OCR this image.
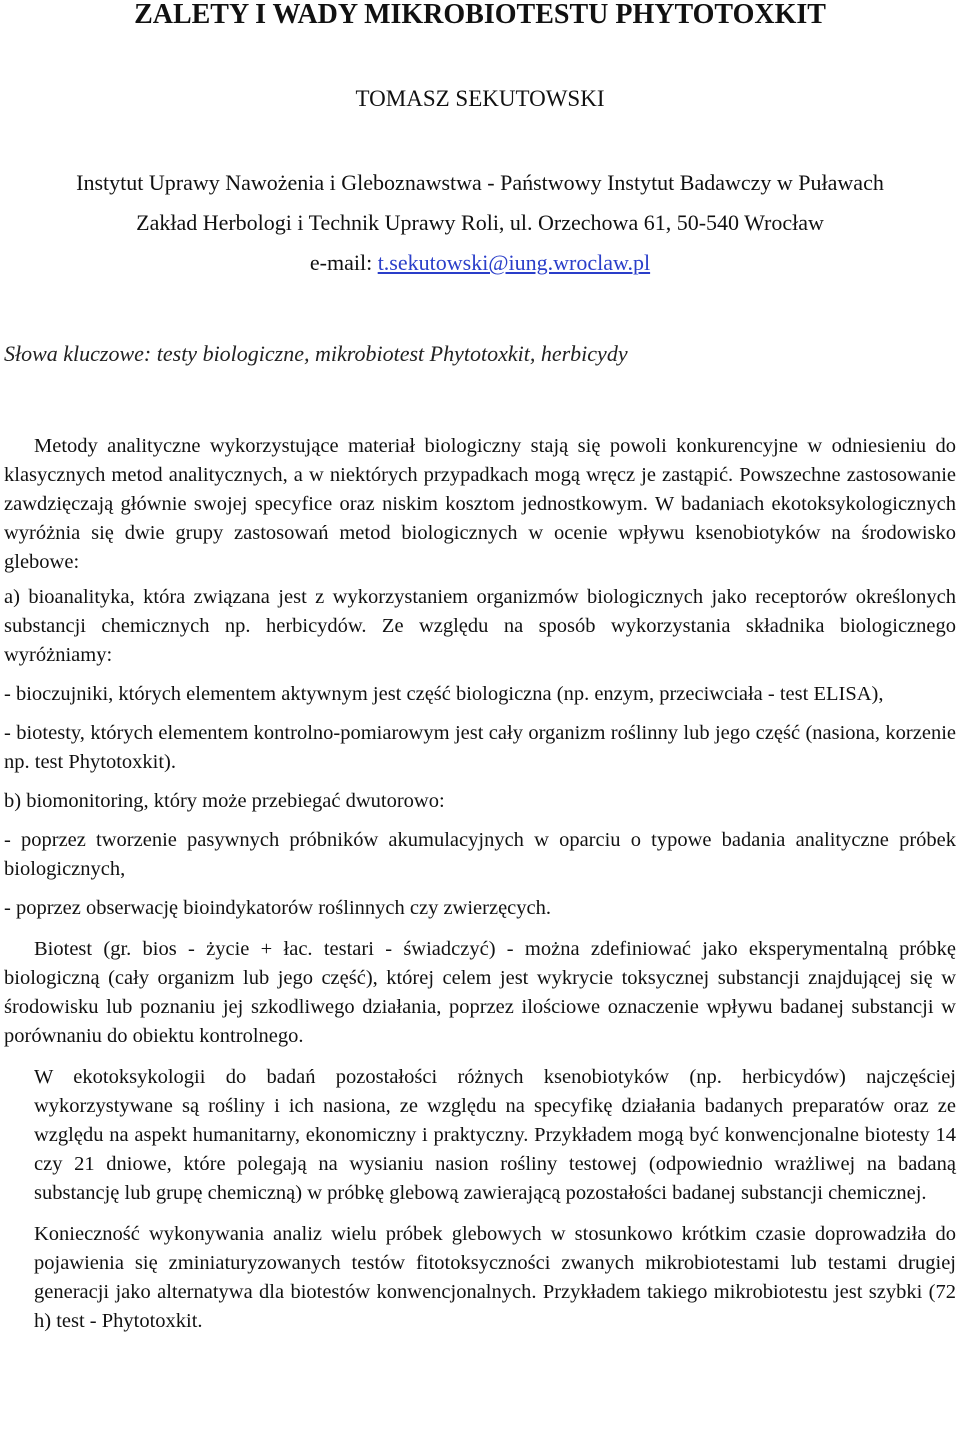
ZALETY I WADY MIKROBIOTESTU PHYTOTOXKIT

TOMASZ SEKUTOWSKI

Instytut Uprawy Nawożenia i Gleboznawstwa - Państwowy Instytut Badawczy w Puławach

Zakład Herbologi i Technik Uprawy Roli, ul. Orzechowa 61, 50-540 Wrocław

e-mail: t.sekutowski@iung.wroclaw.pl

Słowa kluczowe: testy biologiczne, mikrobiotest Phytotoxkit, herbicydy

Metody analityczne wykorzystujące materiał biologiczny stają się powoli konkurencyjne w odniesieniu do klasycznych metod analitycznych, a w niektórych przypadkach mogą wręcz je zastąpić. Powszechne zastosowanie zawdzięczają głównie swojej specyfice oraz niskim kosztom jednostkowym. W badaniach ekotoksykologicznych wyróżnia się dwie grupy zastosowań metod biologicznych w ocenie wpływu ksenobiotyków na środowisko glebowe:

a) bioanalityka, która związana jest z wykorzystaniem organizmów biologicznych jako receptorów określonych substancji chemicznych np. herbicydów. Ze względu na sposób wykorzystania składnika biologicznego wyróżniamy:

- bioczujniki, których elementem aktywnym jest część biologiczna (np. enzym, przeciwciała - test ELISA),

- biotesty, których elementem kontrolno-pomiarowym jest cały organizm roślinny lub jego część (nasiona, korzenie np. test Phytotoxkit).

b) biomonitoring, który może przebiegać dwutorowo:

- poprzez tworzenie pasywnych próbników akumulacyjnych w oparciu o typowe badania analityczne próbek biologicznych,

- poprzez obserwację bioindykatorów roślinnych czy zwierzęcych.

Biotest (gr. bios - życie + łac. testari - świadczyć) - można zdefiniować jako eksperymentalną próbkę biologiczną (cały organizm lub jego część), której celem jest wykrycie toksycznej substancji znajdującej się w środowisku lub poznaniu jej szkodliwego działania, poprzez ilościowe oznaczenie wpływu badanej substancji w porównaniu do obiektu kontrolnego.

W ekotoksykologii do badań pozostałości różnych ksenobiotyków (np. herbicydów) najczęściej wykorzystywane są rośliny i ich nasiona, ze względu na specyfikę działania badanych preparatów oraz ze względu na aspekt humanitarny, ekonomiczny i praktyczny. Przykładem mogą być konwencjonalne biotesty 14 czy 21 dniowe, które polegają na wysianiu nasion rośliny testowej (odpowiednio wrażliwej na badaną substancję lub grupę chemiczną) w próbkę glebową zawierającą pozostałości badanej substancji chemicznej.

Konieczność wykonywania analiz wielu próbek glebowych w stosunkowo krótkim czasie doprowadziła do pojawienia się zminiaturyzowanych testów fitotoksyczności zwanych mikrobiotestami lub testami drugiej generacji jako alternatywa dla biotestów konwencjonalnych. Przykładem takiego mikrobiotestu jest szybki (72 h) test - Phytotoxkit.
